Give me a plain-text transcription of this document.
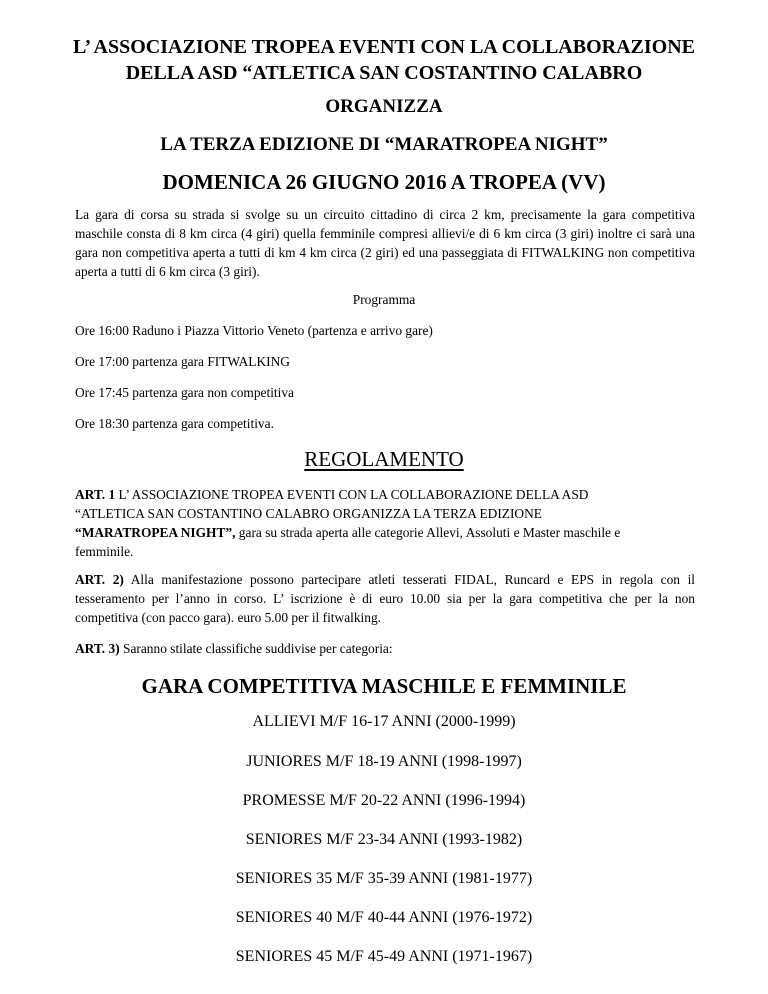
L’ ASSOCIAZIONE TROPEA EVENTI CON LA COLLABORAZIONE
DELLA ASD “ATLETICA SAN COSTANTINO CALABRO
ORGANIZZA
LA TERZA EDIZIONE DI “MARATROPEA NIGHT”
DOMENICA 26 GIUGNO 2016 A TROPEA (VV)
La gara di corsa su strada si svolge su un circuito cittadino di circa 2 km, precisamente la gara competitiva maschile consta di 8 km circa (4 giri) quella femminile compresi allievi/e di 6 km circa (3 giri) inoltre ci sarà una gara non competitiva aperta a tutti di km 4 km circa (2 giri) ed una passeggiata di FITWALKING non competitiva aperta a tutti di 6 km circa (3 giri).
Programma
Ore 16:00 Raduno i Piazza Vittorio Veneto (partenza e arrivo gare)
Ore 17:00 partenza gara FITWALKING
Ore 17:45 partenza gara non competitiva
Ore 18:30 partenza gara competitiva.
REGOLAMENTO
ART. 1 L’ ASSOCIAZIONE TROPEA EVENTI CON LA COLLABORAZIONE DELLA ASD
“ATLETICA SAN COSTANTINO CALABRO ORGANIZZA LA TERZA EDIZIONE
“MARATROPEA NIGHT”, gara su strada aperta alle categorie Allevi, Assoluti e Master maschile e
femminile.
ART. 2) Alla manifestazione possono partecipare atleti tesserati FIDAL, Runcard e EPS in regola con il tesseramento per l’anno in corso. L’ iscrizione è di euro 10.00 sia per la gara competitiva che per la non competitiva (con pacco gara). euro 5.00 per il fitwalking.
ART. 3) Saranno stilate classifiche suddivise per categoria:
GARA COMPETITIVA MASCHILE E FEMMINILE
ALLIEVI M/F 16-17 ANNI (2000-1999)
JUNIORES M/F 18-19 ANNI (1998-1997)
PROMESSE M/F 20-22 ANNI (1996-1994)
SENIORES M/F 23-34 ANNI (1993-1982)
SENIORES 35 M/F 35-39 ANNI (1981-1977)
SENIORES 40 M/F 40-44 ANNI (1976-1972)
SENIORES 45 M/F 45-49 ANNI (1971-1967)
